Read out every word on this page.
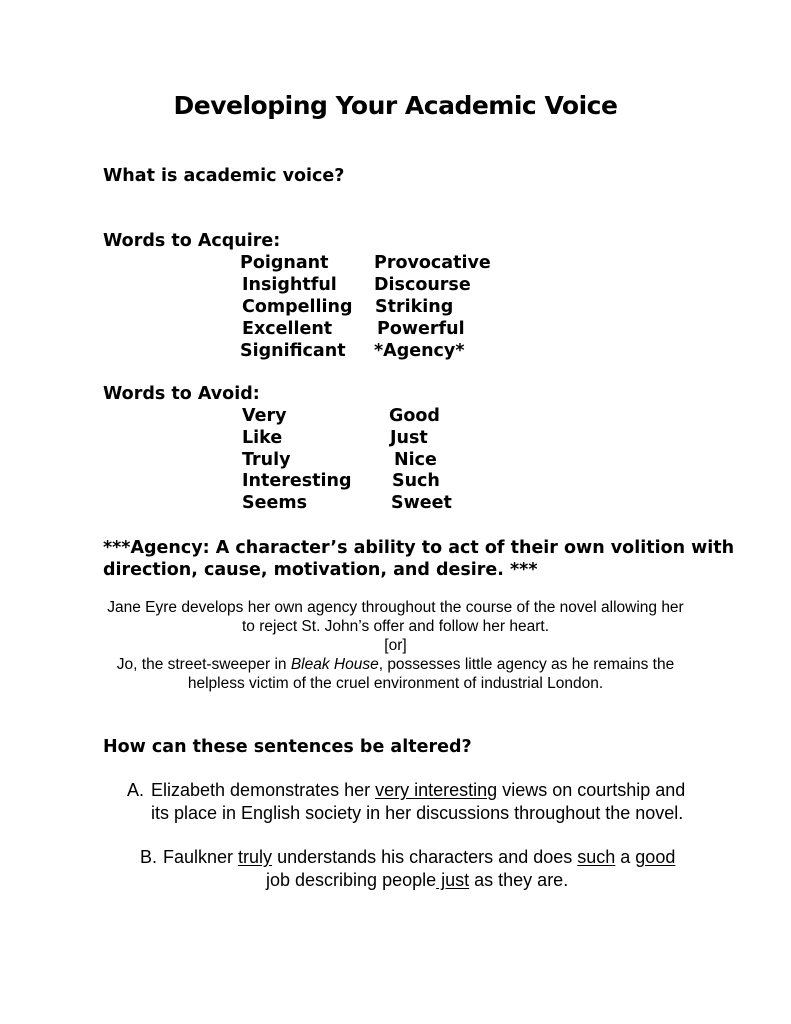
Developing Your Academic Voice
What is academic voice?
Words to Acquire:
Poignant
Insightful
Compelling
Excellent
Significant
Provocative
Discourse
Striking
Powerful
*Agency*
Words to Avoid:
Very
Like
Truly
Interesting
Seems
Good
Just
Nice
Such
Sweet
***Agency: A character’s ability to act of their own volition with
direction, cause, motivation, and desire. ***
Jane Eyre develops her own agency throughout the course of the novel allowing her
to reject St. John’s offer and follow her heart.
[or]
Jo, the street-sweeper in Bleak House, possesses little agency as he remains the
helpless victim of the cruel environment of industrial London.
How can these sentences be altered?
A. Elizabeth demonstrates her very interesting views on courtship and
its place in English society in her discussions throughout the novel.
B. Faulkner truly understands his characters and does such a good
job describing people just as they are.
